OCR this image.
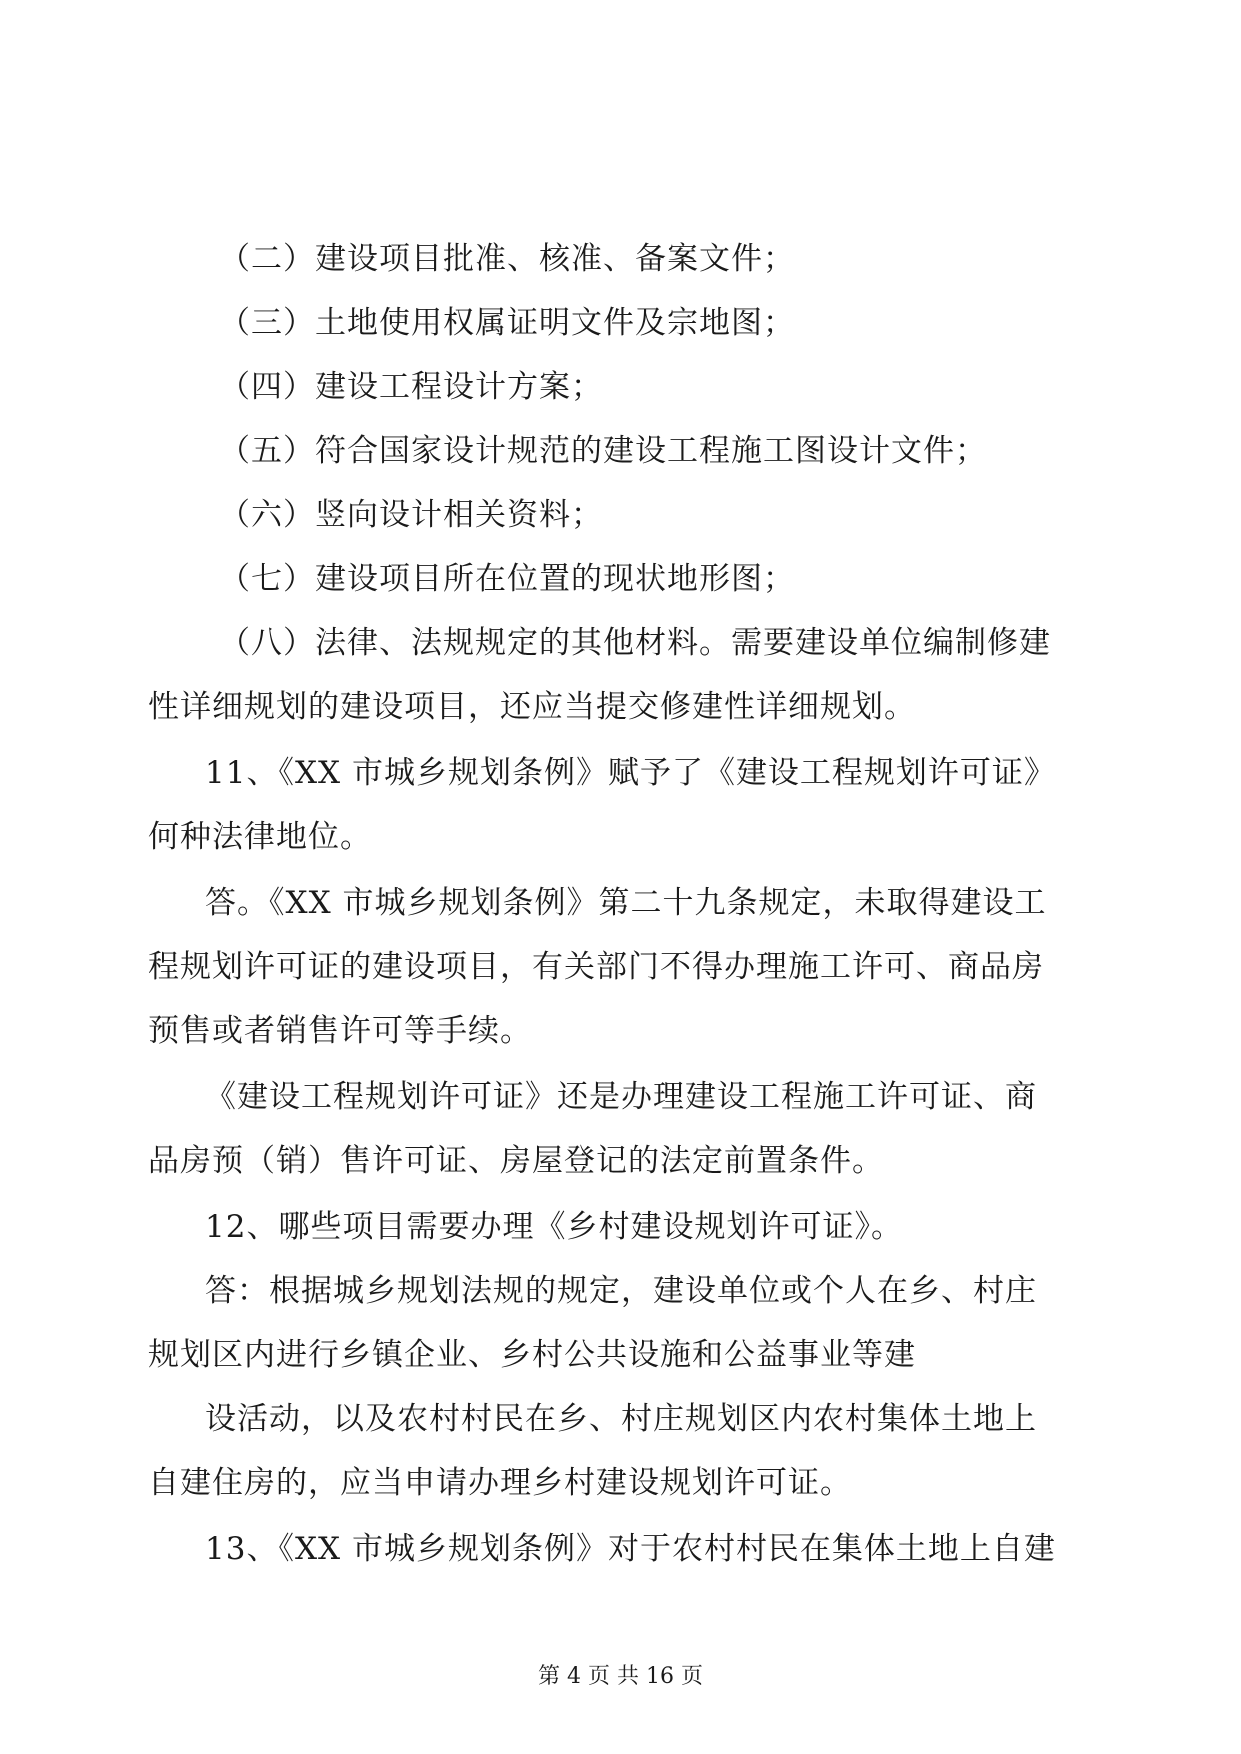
（二）建设项目批准、核准、备案文件；
（三）土地使用权属证明文件及宗地图；
（四）建设工程设计方案；
（五）符合国家设计规范的建设工程施工图设计文件；
（六）竖向设计相关资料；
（七）建设项目所在位置的现状地形图；
（八）法律、法规规定的其他材料。需要建设单位编制修建
性详细规划的建设项目，还应当提交修建性详细规划。
11、《XX 市城乡规划条例》赋予了《建设工程规划许可证》
何种法律地位。
答。《XX 市城乡规划条例》第二十九条规定，未取得建设工
程规划许可证的建设项目，有关部门不得办理施工许可、商品房
预售或者销售许可等手续。
《建设工程规划许可证》还是办理建设工程施工许可证、商
品房预（销）售许可证、房屋登记的法定前置条件。
12、哪些项目需要办理《乡村建设规划许可证》。
答：根据城乡规划法规的规定，建设单位或个人在乡、村庄
规划区内进行乡镇企业、乡村公共设施和公益事业等建
设活动，以及农村村民在乡、村庄规划区内农村集体土地上
自建住房的，应当申请办理乡村建设规划许可证。
13、《XX 市城乡规划条例》对于农村村民在集体土地上自建
第 4 页 共 16 页
